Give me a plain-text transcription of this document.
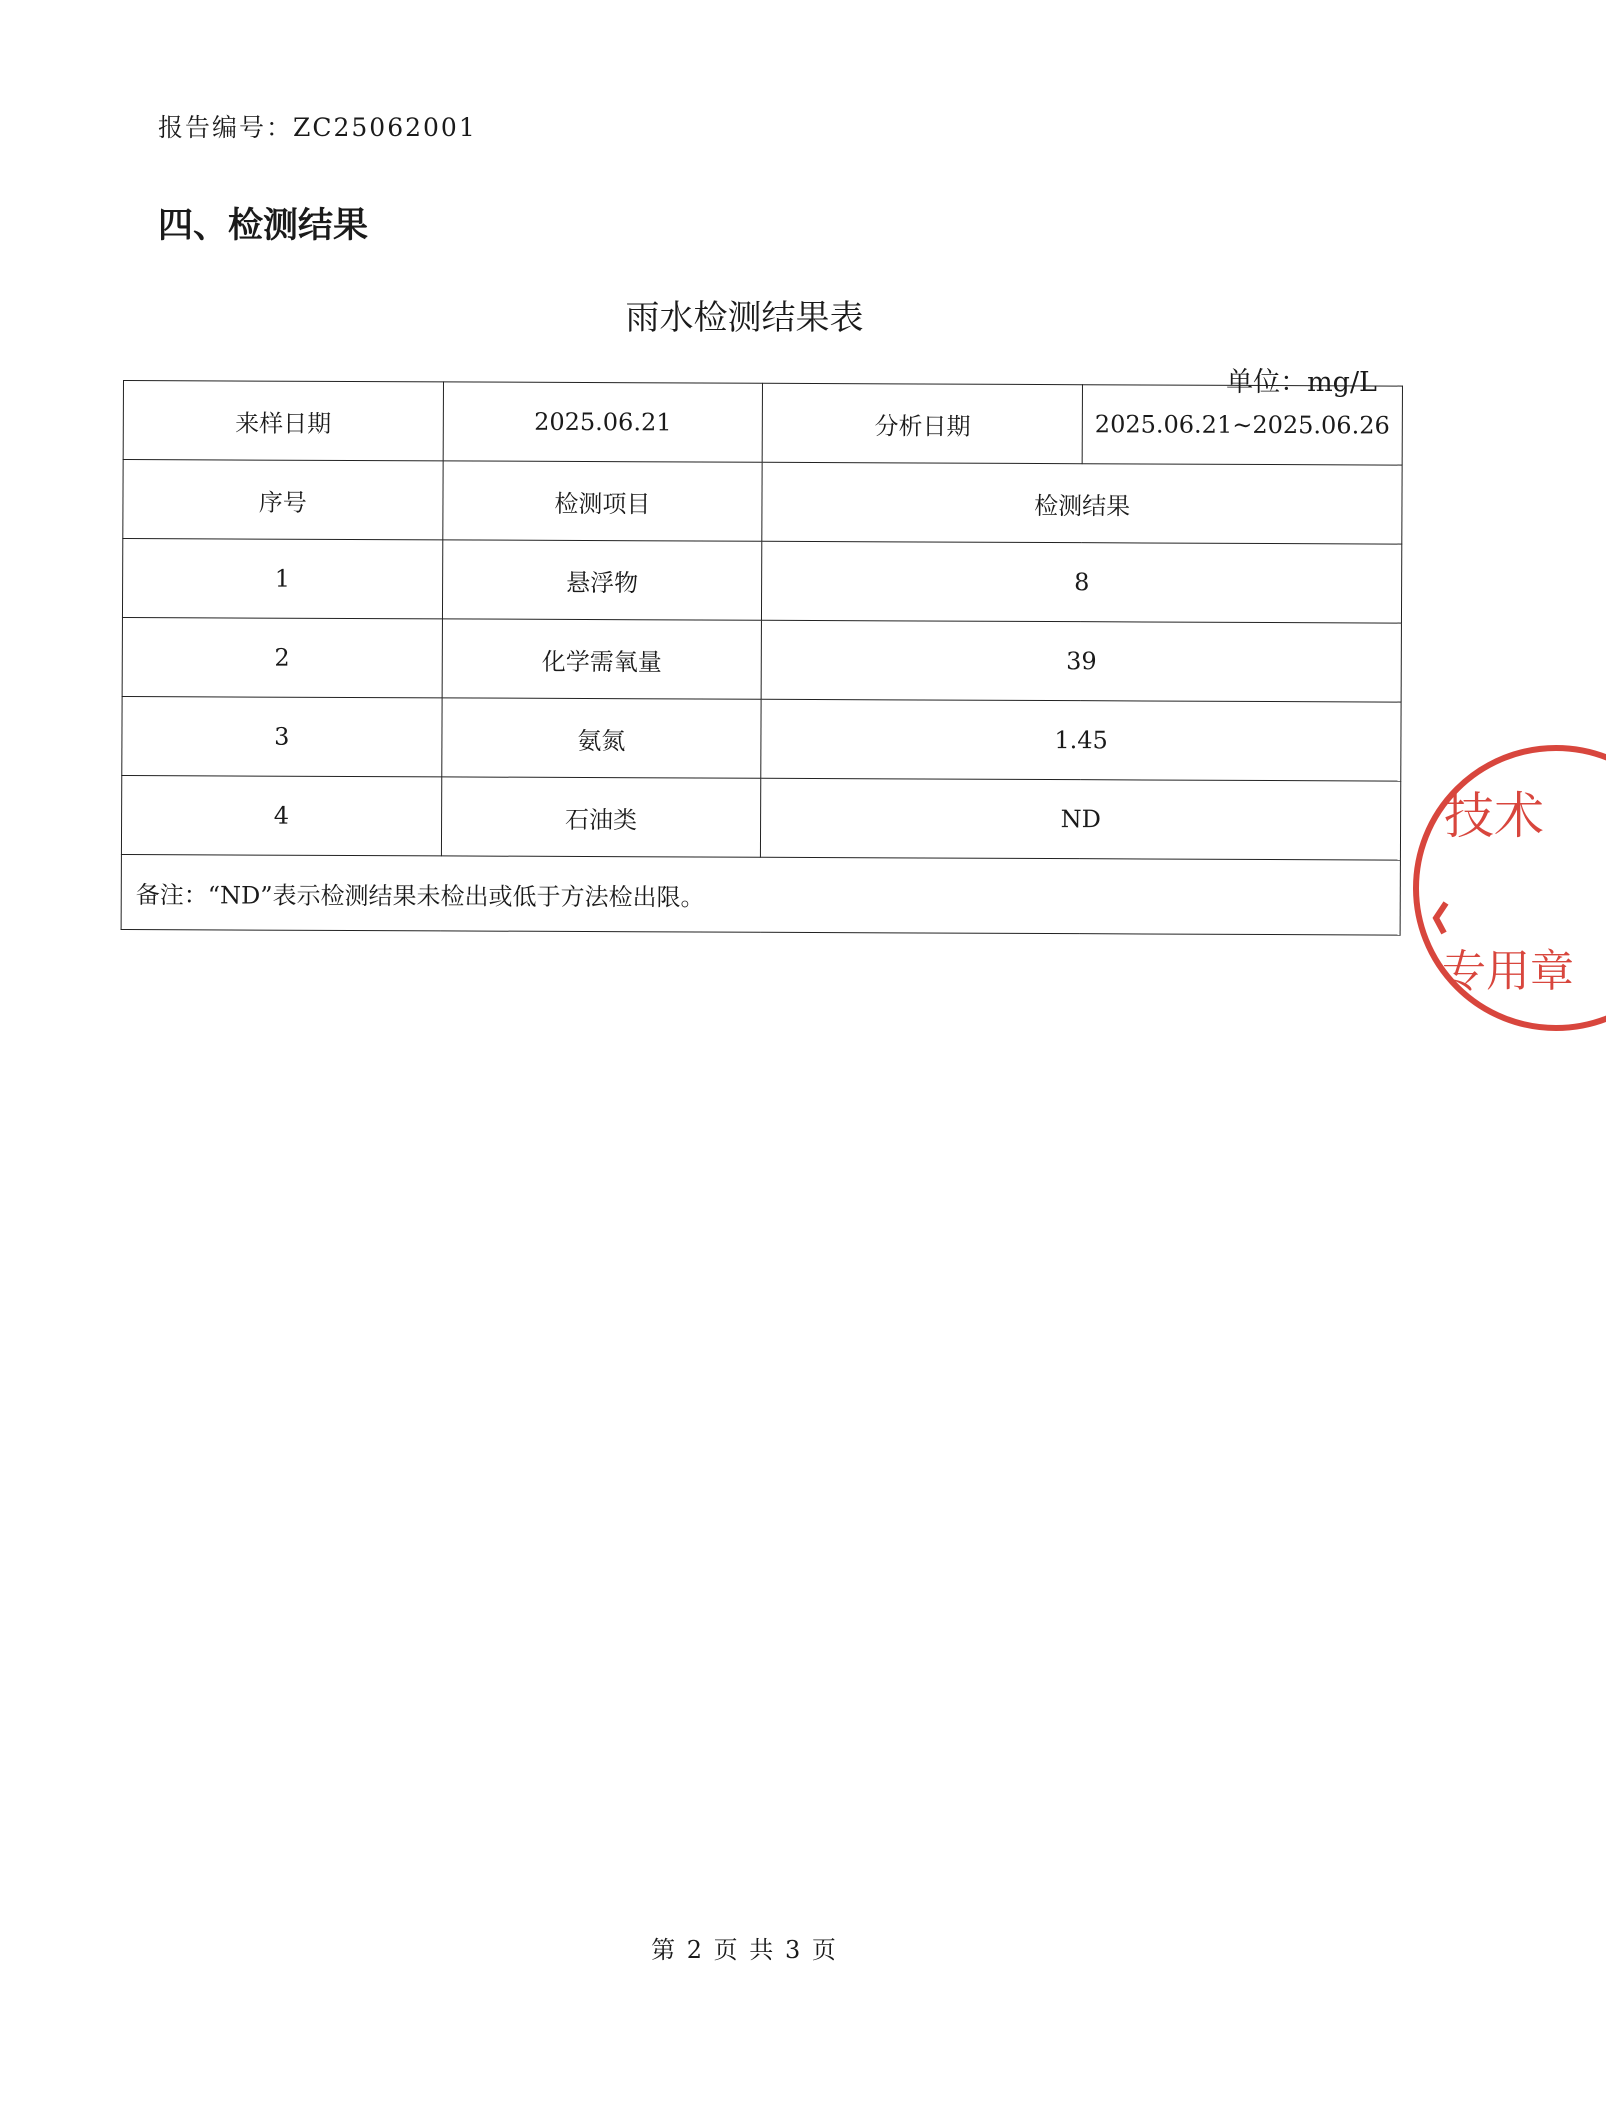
报告编号：ZC25062001
四、检测结果
雨水检测结果表
单位：mg/L
来样日期	2025.06.21	分析日期	2025.06.21~2025.06.26
序号	检测项目	检测结果	
1	悬浮物	8	
2	化学需氧量	39	
3	氨氮	1.45	
4	石油类	ND	
备注：“ND”表示检测结果未检出或低于方法检出限。			
技术
专用章
第 2 页 共 3 页
